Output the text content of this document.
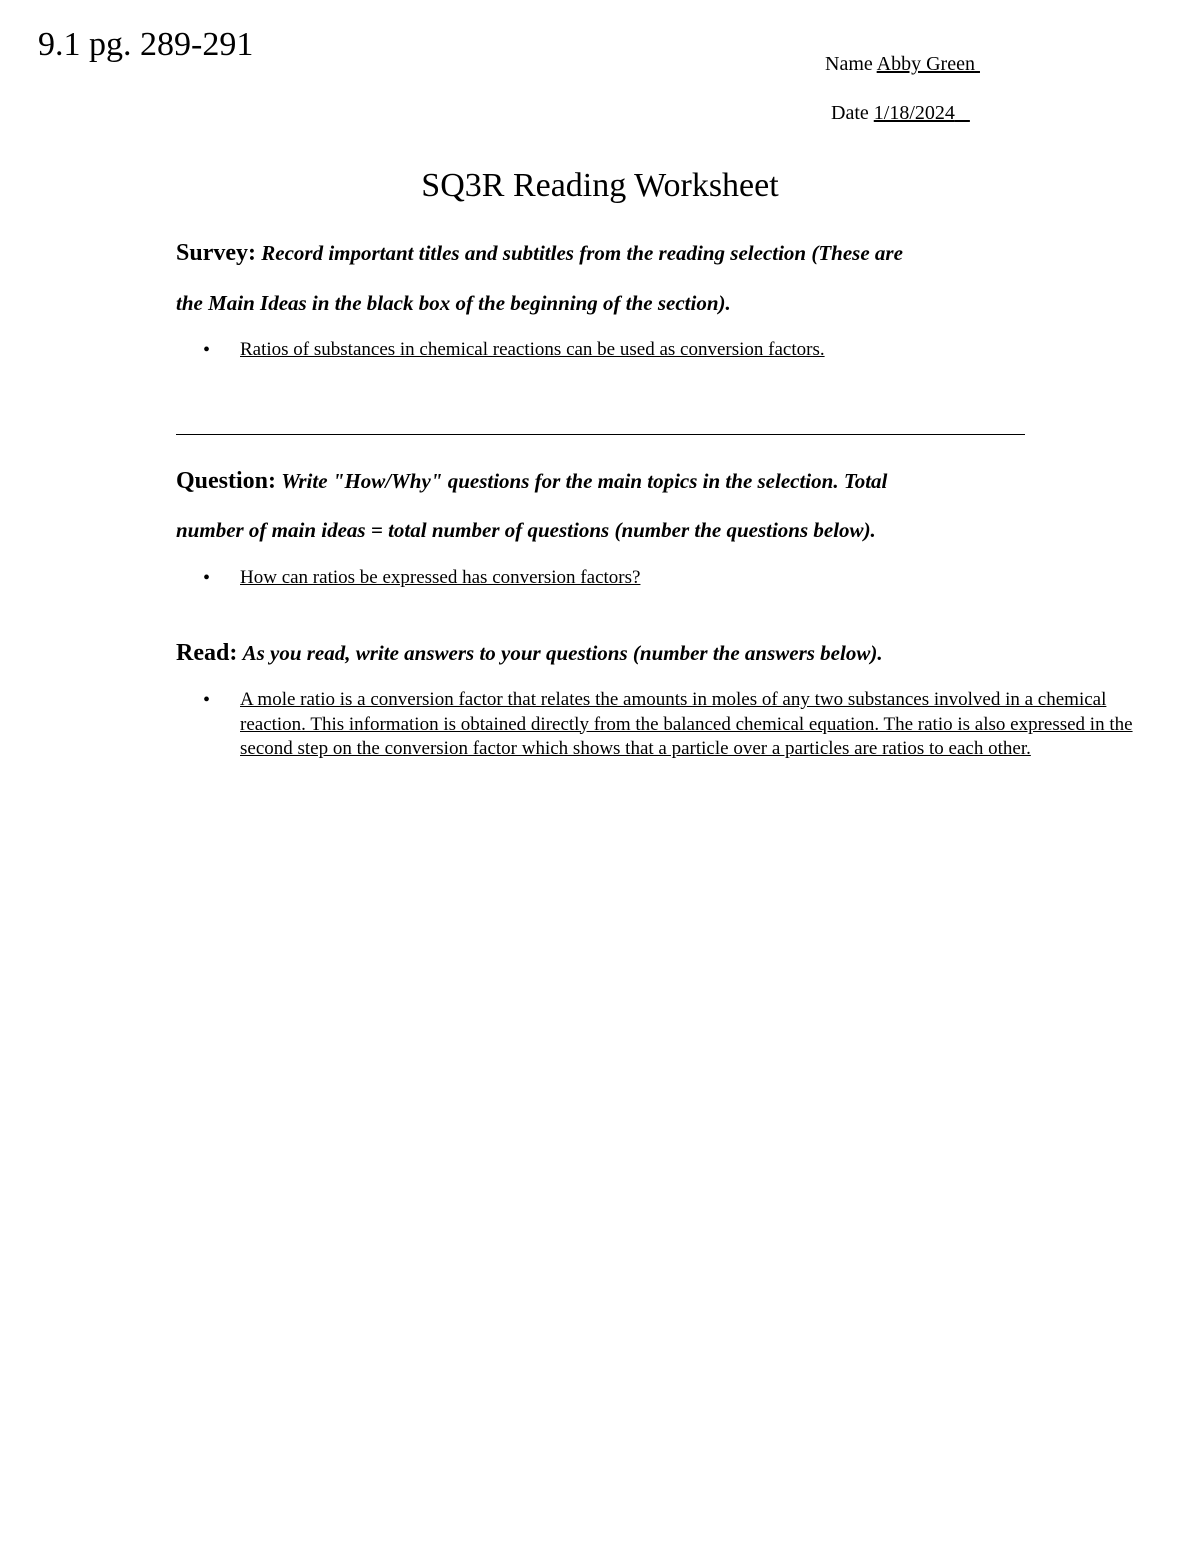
9.1 pg. 289-291
Name Abby Green
Date 1/18/2024
SQ3R Reading Worksheet
Survey: Record important titles and subtitles from the reading selection (These are
the Main Ideas in the black box of the beginning of the section).
• Ratios of substances in chemical reactions can be used as conversion factors.
Question: Write "How/Why" questions for the main topics in the selection. Total
number of main ideas = total number of questions (number the questions below).
• How can ratios be expressed has conversion factors?
Read: As you read, write answers to your questions (number the answers below).
• A mole ratio is a conversion factor that relates the amounts in moles of any two substances involved in a chemical reaction. This information is obtained directly from the balanced chemical equation. The ratio is also expressed in the second step on the conversion factor which shows that a particle over a particles are ratios to each other.
